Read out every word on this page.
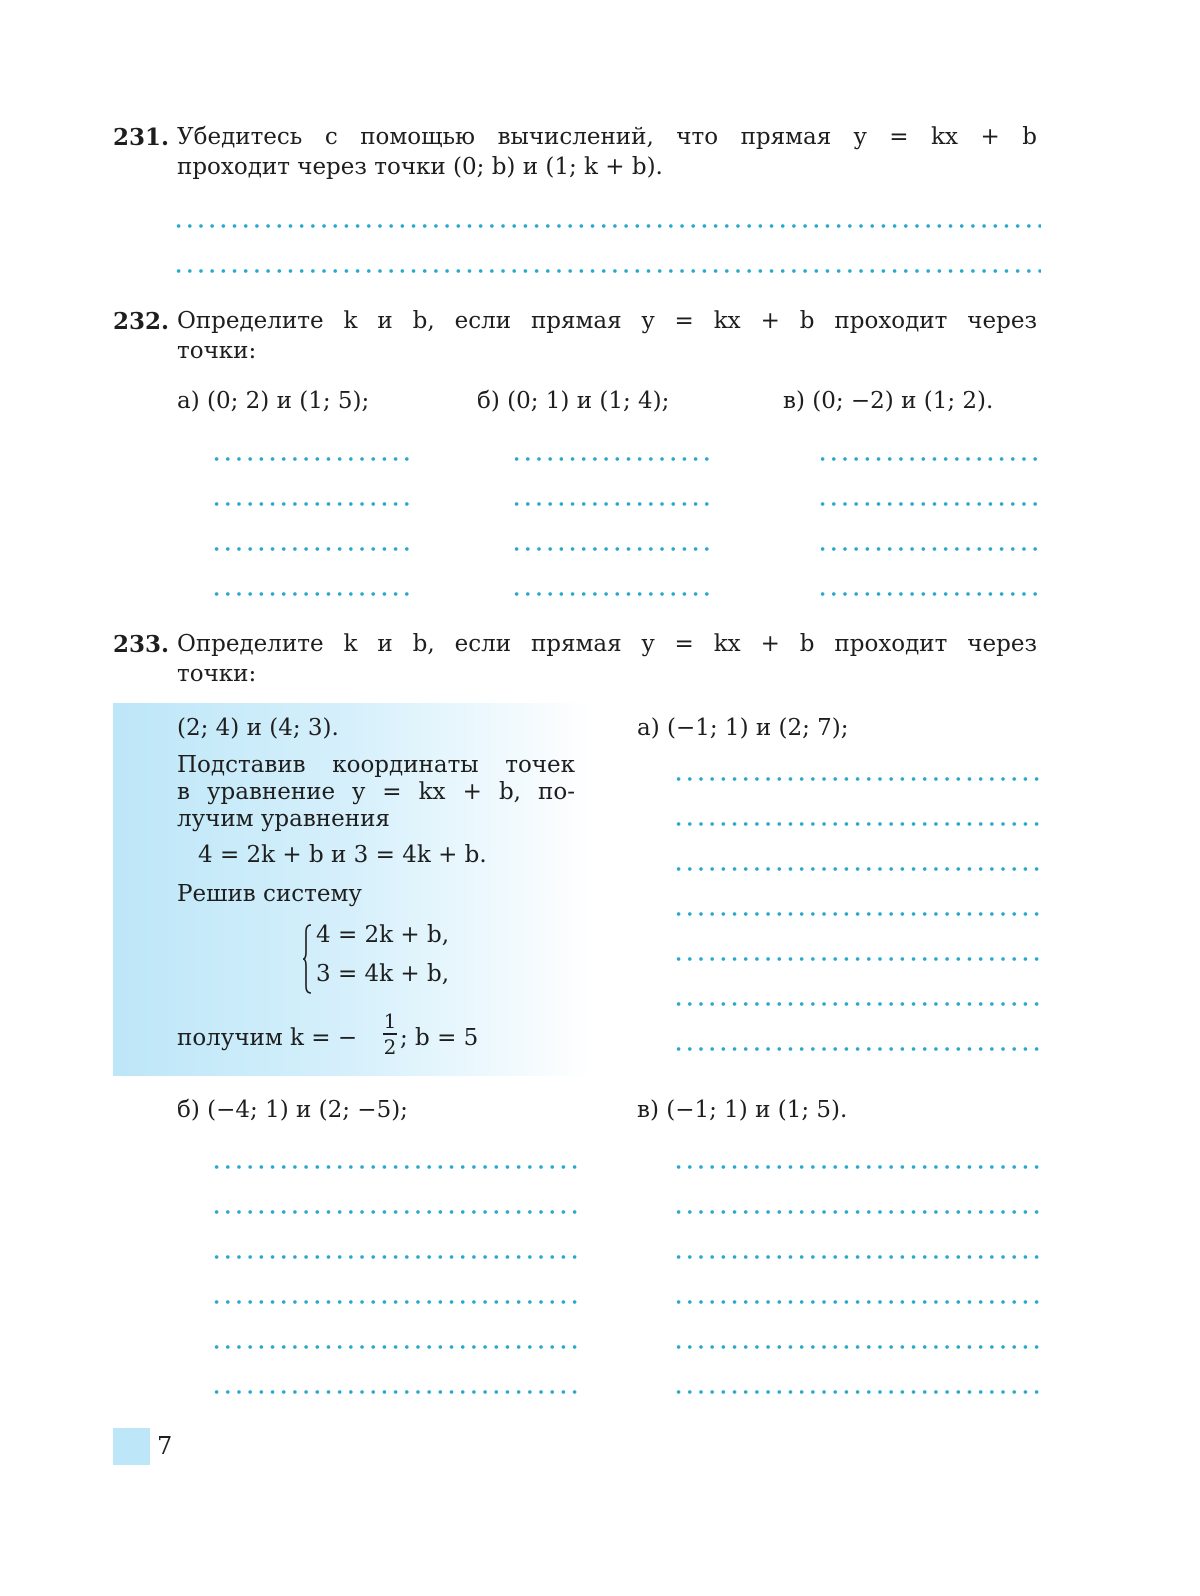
231. Убедитесь с помощью вычислений, что прямая y = kx + b
проходит через точки (0; b) и (1; k + b).
232. Определите k и b, если прямая y = kx + b проходит через
точки:
а) (0; 2) и (1; 5);	б) (0; 1) и (1; 4);	в) (0; −2) и (1; 2).
233. Определите k и b, если прямая y = kx + b проходит через
точки:
(2; 4) и (4; 3).
Подставив координаты точек
в уравнение y = kx + b, по-
лучим уравнения
4 = 2k + b и 3 = 4k + b.
Решив систему
4 = 2k + b,
3 = 4k + b,
получим k = −
1
2 ; b = 5
а) (−1; 1) и (2; 7);
б) (−4; 1) и (2; −5);	в) (−1; 1) и (1; 5).
7
